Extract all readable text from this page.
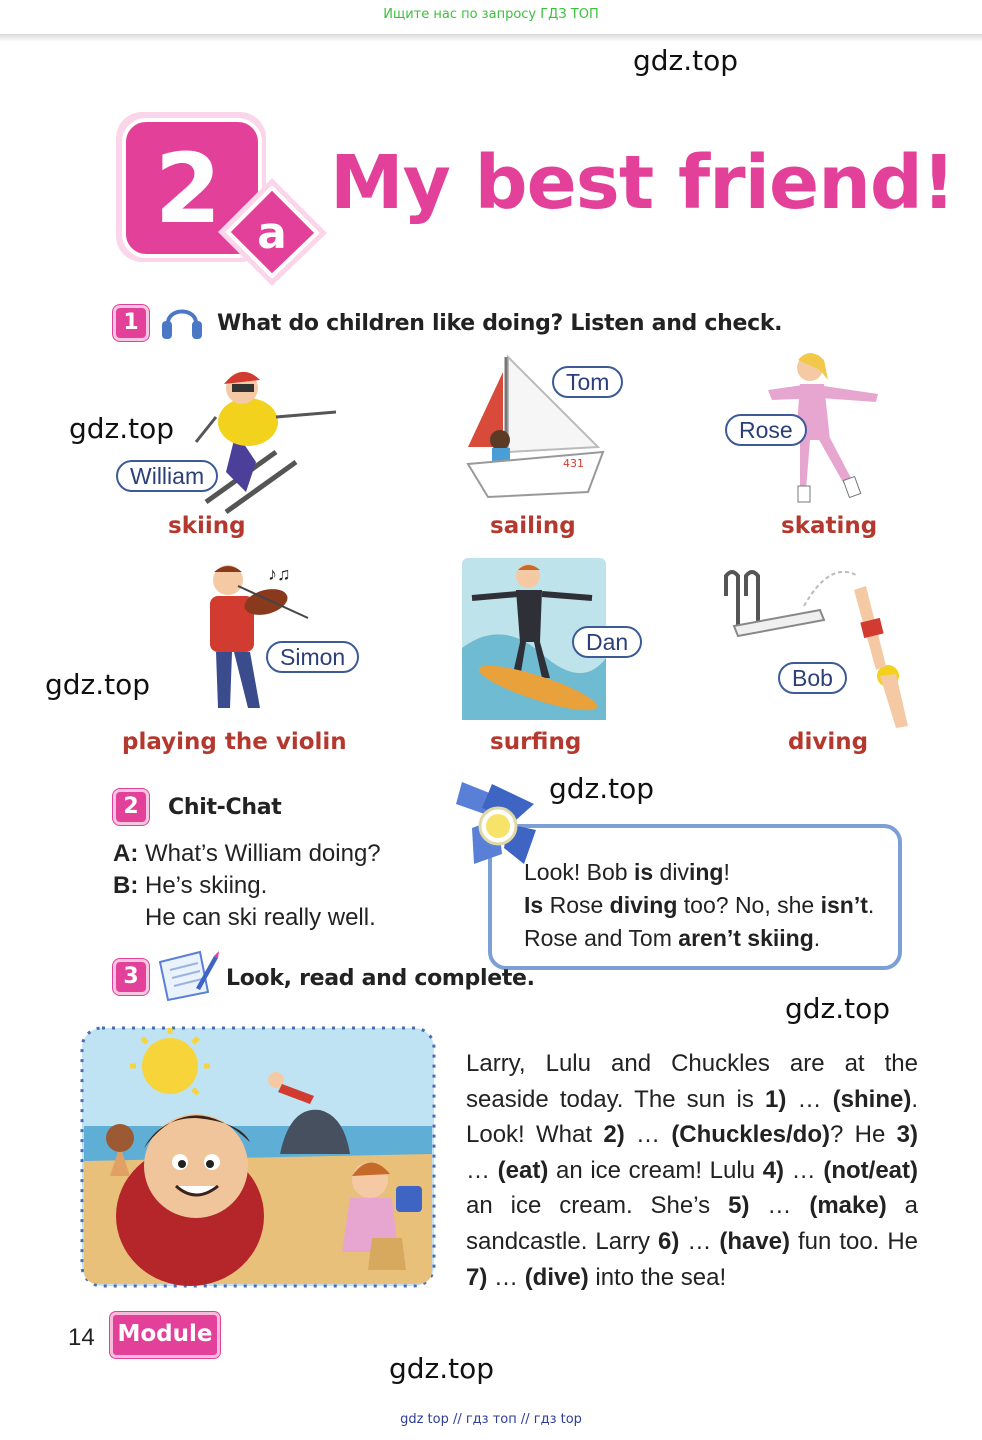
Ищите нас по запросу ГДЗ ТОП
gdz.top
gdz.top
gdz.top
gdz.top
gdz.top
gdz.top
2 a
My best friend!
1	What do children like doing? Listen and check.
William
skiing
431
Tom
sailing
Rose
skating
♪♫
Simon
playing the violin
Dan
surfing
Bob
diving
2	Chit-Chat
A: What’s William doing?
B: He’s skiing.
He can ski really well.
Look! Bob is diving!
Is Rose diving too? No, she isn’t.
Rose and Tom aren’t skiing.
3	Look, read and complete.
Larry, Lulu and Chuckles are at the seaside today. The sun is 1) … (shine). Look! What 2) … (Chuckles/do)? He 3) … (eat) an ice cream! Lulu 4) … (not/eat) an ice cream. She’s 5) … (make) a sandcastle. Larry 6) … (have) fun too. He 7) … (dive) into the sea!
14 Module 1
gdz top // гдз топ // гдз top
